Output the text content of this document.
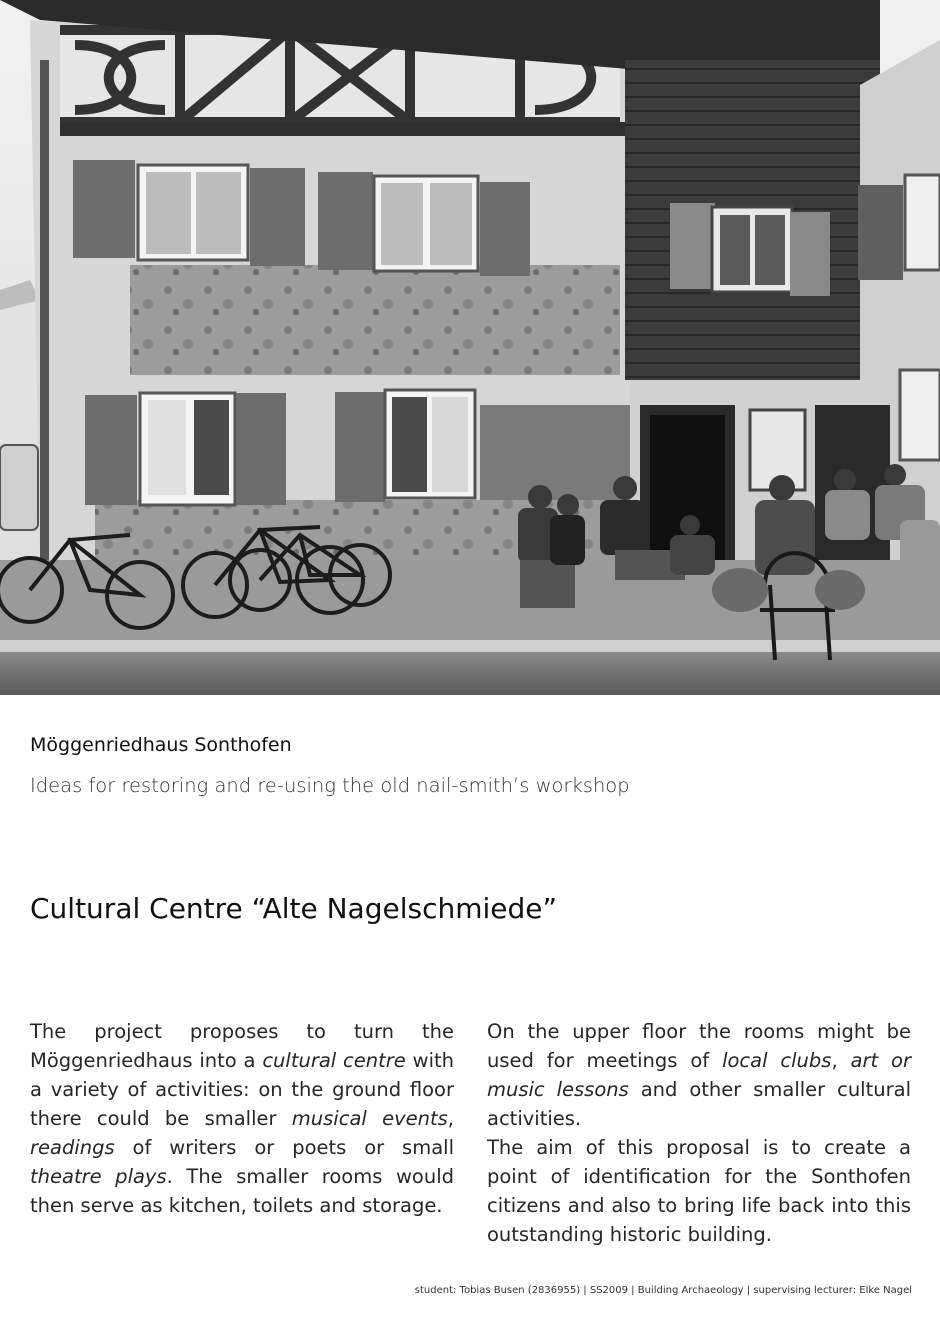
Möggenriedhaus Sonthofen
Ideas for restoring and re-using the old nail-smith’s workshop
Cultural Centre “Alte Nagelschmiede”

The project proposes to turn the Möggenriedhaus into a cultural centre with a variety of activities: on the ground floor there could be smaller musical events, readings of writers or poets or small theatre plays. The smaller rooms would then serve as kitchen, toilets and storage.

On the upper floor the rooms might be used for meetings of local clubs, art or music lessons and other smaller cultural activities.

The aim of this proposal is to create a point of identification for the Sonthofen citizens and also to bring life back into this outstanding historic building.

student: Tobias Busen (2836955) | SS2009 | Building Archaeology | supervising lecturer: Elke Nagel
